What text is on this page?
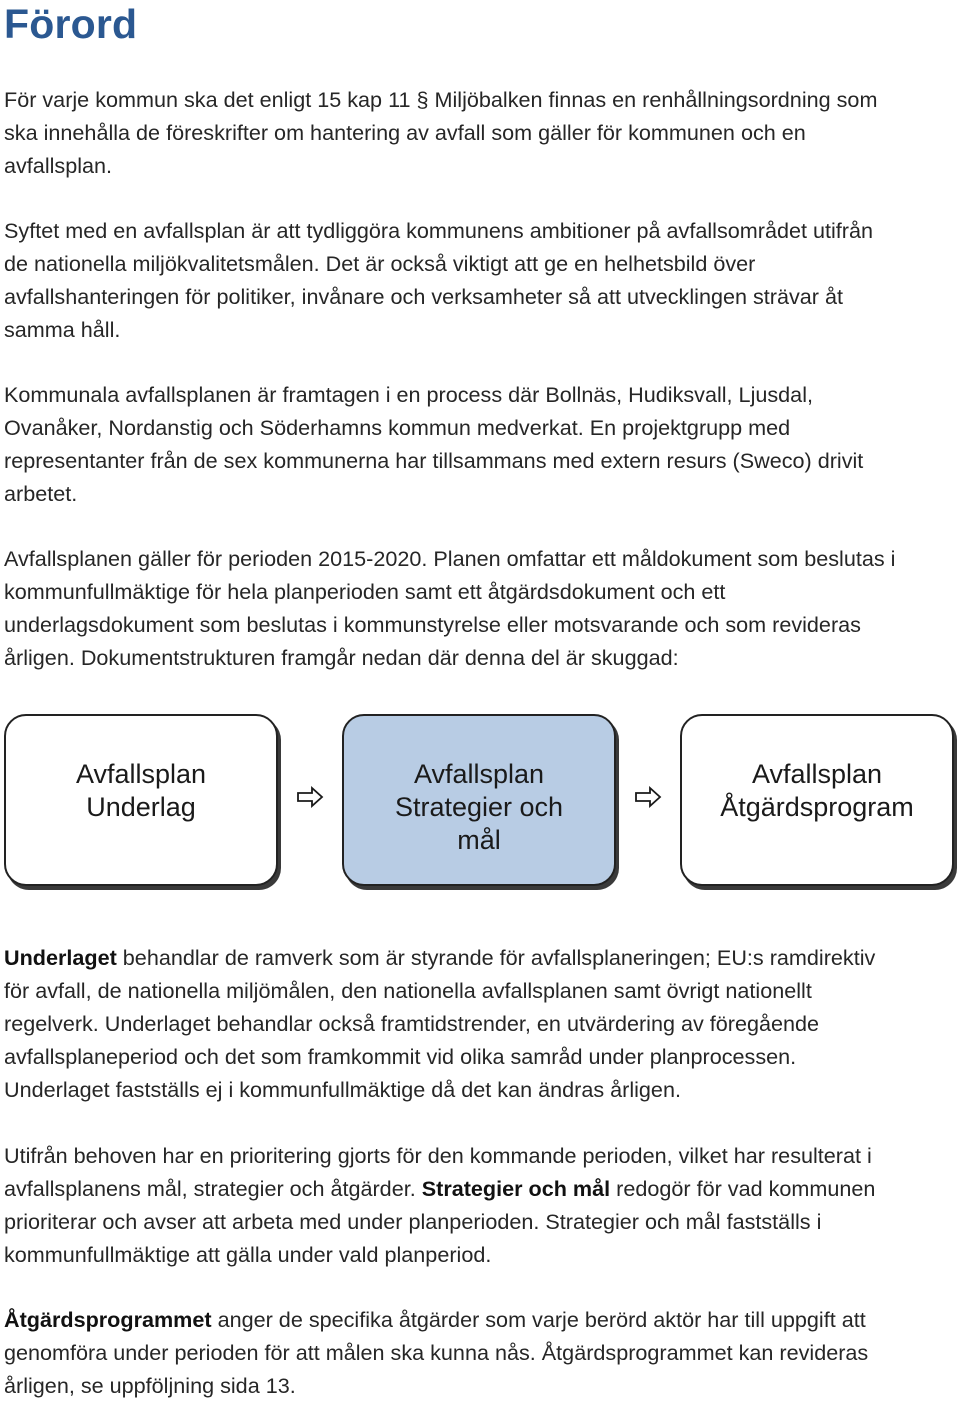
Förord

För varje kommun ska det enligt 15 kap 11 § Miljöbalken finnas en renhållningsordning som
ska innehålla de föreskrifter om hantering av avfall som gäller för kommunen och en
avfallsplan.

Syftet med en avfallsplan är att tydliggöra kommunens ambitioner på avfallsområdet utifrån
de nationella miljökvalitetsmålen. Det är också viktigt att ge en helhetsbild över
avfallshanteringen för politiker, invånare och verksamheter så att utvecklingen strävar åt
samma håll.

Kommunala avfallsplanen är framtagen i en process där Bollnäs, Hudiksvall, Ljusdal,
Ovanåker, Nordanstig och Söderhamns kommun medverkat. En projektgrupp med
representanter från de sex kommunerna har tillsammans med extern resurs (Sweco) drivit
arbetet.

Avfallsplanen gäller för perioden 2015-2020. Planen omfattar ett måldokument som beslutas i
kommunfullmäktige för hela planperioden samt ett åtgärdsdokument och ett
underlagsdokument som beslutas i kommunstyrelse eller motsvarande och som revideras
årligen. Dokumentstrukturen framgår nedan där denna del är skuggad:

Avfallsplan
Underlag
Avfallsplan
Strategier och
mål
Avfallsplan
Åtgärdsprogram

Underlaget behandlar de ramverk som är styrande för avfallsplaneringen; EU:s ramdirektiv
för avfall, de nationella miljömålen, den nationella avfallsplanen samt övrigt nationellt
regelverk. Underlaget behandlar också framtidstrender, en utvärdering av föregående
avfallsplaneperiod och det som framkommit vid olika samråd under planprocessen.
Underlaget fastställs ej i kommunfullmäktige då det kan ändras årligen.

Utifrån behoven har en prioritering gjorts för den kommande perioden, vilket har resulterat i
avfallsplanens mål, strategier och åtgärder. Strategier och mål redogör för vad kommunen
prioriterar och avser att arbeta med under planperioden. Strategier och mål fastställs i
kommunfullmäktige att gälla under vald planperiod.

Åtgärdsprogrammet anger de specifika åtgärder som varje berörd aktör har till uppgift att
genomföra under perioden för att målen ska kunna nås. Åtgärdsprogrammet kan revideras
årligen, se uppföljning sida 13.
